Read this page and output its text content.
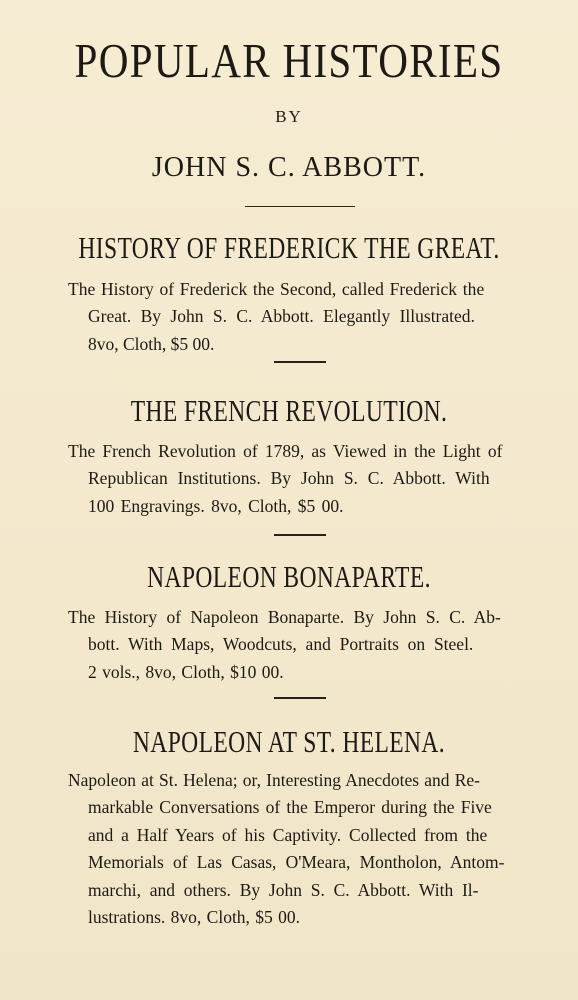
POPULAR HISTORIES
BY
JOHN S. C. ABBOTT.
HISTORY OF FREDERICK THE GREAT.
The History of Frederick the Second, called Frederick the
Great. By John S. C. Abbott. Elegantly Illustrated.
8vo, Cloth, $5 00.
THE FRENCH REVOLUTION.
The French Revolution of 1789, as Viewed in the Light of
Republican Institutions. By John S. C. Abbott. With
100 Engravings. 8vo, Cloth, $5 00.
NAPOLEON BONAPARTE.
The History of Napoleon Bonaparte. By John S. C. Ab-
bott. With Maps, Woodcuts, and Portraits on Steel.
2 vols., 8vo, Cloth, $10 00.
NAPOLEON AT ST. HELENA.
Napoleon at St. Helena; or, Interesting Anecdotes and Re-
markable Conversations of the Emperor during the Five
and a Half Years of his Captivity. Collected from the
Memorials of Las Casas, O'Meara, Montholon, Antom-
marchi, and others. By John S. C. Abbott. With Il-
lustrations. 8vo, Cloth, $5 00.
